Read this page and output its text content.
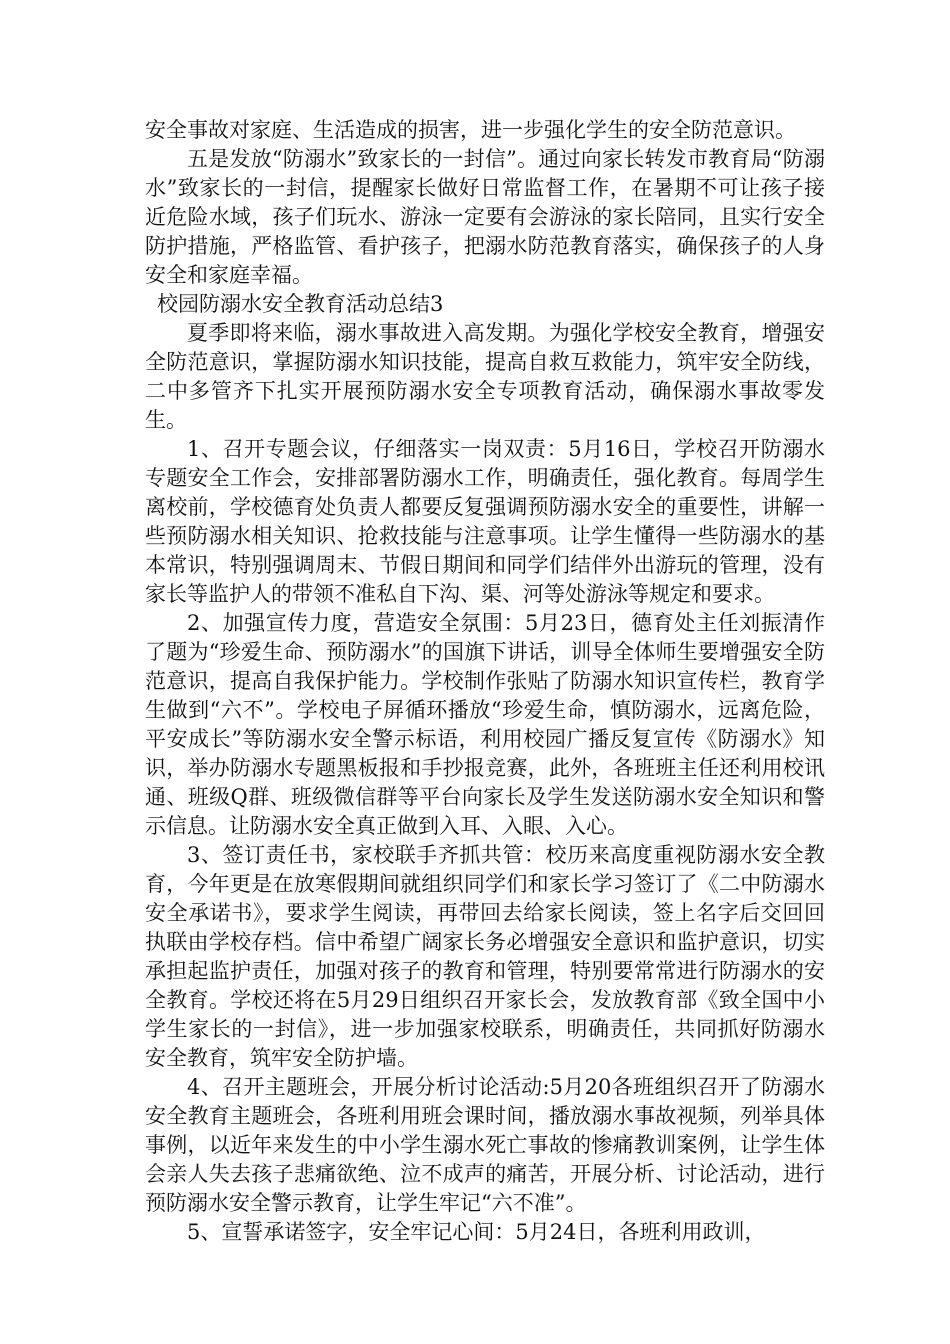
安全事故对家庭、生活造成的损害，进一步强化学生的安全防范意识。

五是发放“防溺水”致家长的一封信”。通过向家长转发市教育局“防溺水”致家长的一封信，提醒家长做好日常监督工作，在暑期不可让孩子接近危险水域，孩子们玩水、游泳一定要有会游泳的家长陪同，且实行安全防护措施，严格监管、看护孩子，把溺水防范教育落实，确保孩子的人身安全和家庭幸福。

校园防溺水安全教育活动总结3

夏季即将来临，溺水事故进入高发期。为强化学校安全教育，增强安全防范意识，掌握防溺水知识技能，提高自救互救能力，筑牢安全防线，二中多管齐下扎实开展预防溺水安全专项教育活动，确保溺水事故零发生。

1、召开专题会议，仔细落实一岗双责：5月16日，学校召开防溺水专题安全工作会，安排部署防溺水工作，明确责任，强化教育。每周学生离校前，学校德育处负责人都要反复强调预防溺水安全的重要性，讲解一些预防溺水相关知识、抢救技能与注意事项。让学生懂得一些防溺水的基本常识，特别强调周末、节假日期间和同学们结伴外出游玩的管理，没有家长等监护人的带领不准私自下沟、渠、河等处游泳等规定和要求。

2、加强宣传力度，营造安全氛围：5月23日，德育处主任刘振清作了题为“珍爱生命、预防溺水”的国旗下讲话，训导全体师生要增强安全防范意识，提高自我保护能力。学校制作张贴了防溺水知识宣传栏，教育学生做到“六不”。学校电子屏循环播放“珍爱生命，慎防溺水，远离危险，平安成长”等防溺水安全警示标语，利用校园广播反复宣传《防溺水》知识，举办防溺水专题黑板报和手抄报竞赛，此外，各班班主任还利用校讯通、班级Q群、班级微信群等平台向家长及学生发送防溺水安全知识和警示信息。让防溺水安全真正做到入耳、入眼、入心。

3、签订责任书，家校联手齐抓共管：校历来高度重视防溺水安全教育，今年更是在放寒假期间就组织同学们和家长学习签订了《二中防溺水安全承诺书》，要求学生阅读，再带回去给家长阅读，签上名字后交回回执联由学校存档。信中希望广阔家长务必增强安全意识和监护意识，切实承担起监护责任，加强对孩子的教育和管理，特别要常常进行防溺水的安全教育。学校还将在5月29日组织召开家长会，发放教育部《致全国中小学生家长的一封信》，进一步加强家校联系，明确责任，共同抓好防溺水安全教育，筑牢安全防护墙。

4、召开主题班会，开展分析讨论活动:5月20各班组织召开了防溺水安全教育主题班会，各班利用班会课时间，播放溺水事故视频，列举具体事例，以近年来发生的中小学生溺水死亡事故的惨痛教训案例，让学生体会亲人失去孩子悲痛欲绝、泣不成声的痛苦，开展分析、讨论活动，进行预防溺水安全警示教育，让学生牢记“六不准”。

5、宣誓承诺签字，安全牢记心间：5月24日，各班利用政训，
